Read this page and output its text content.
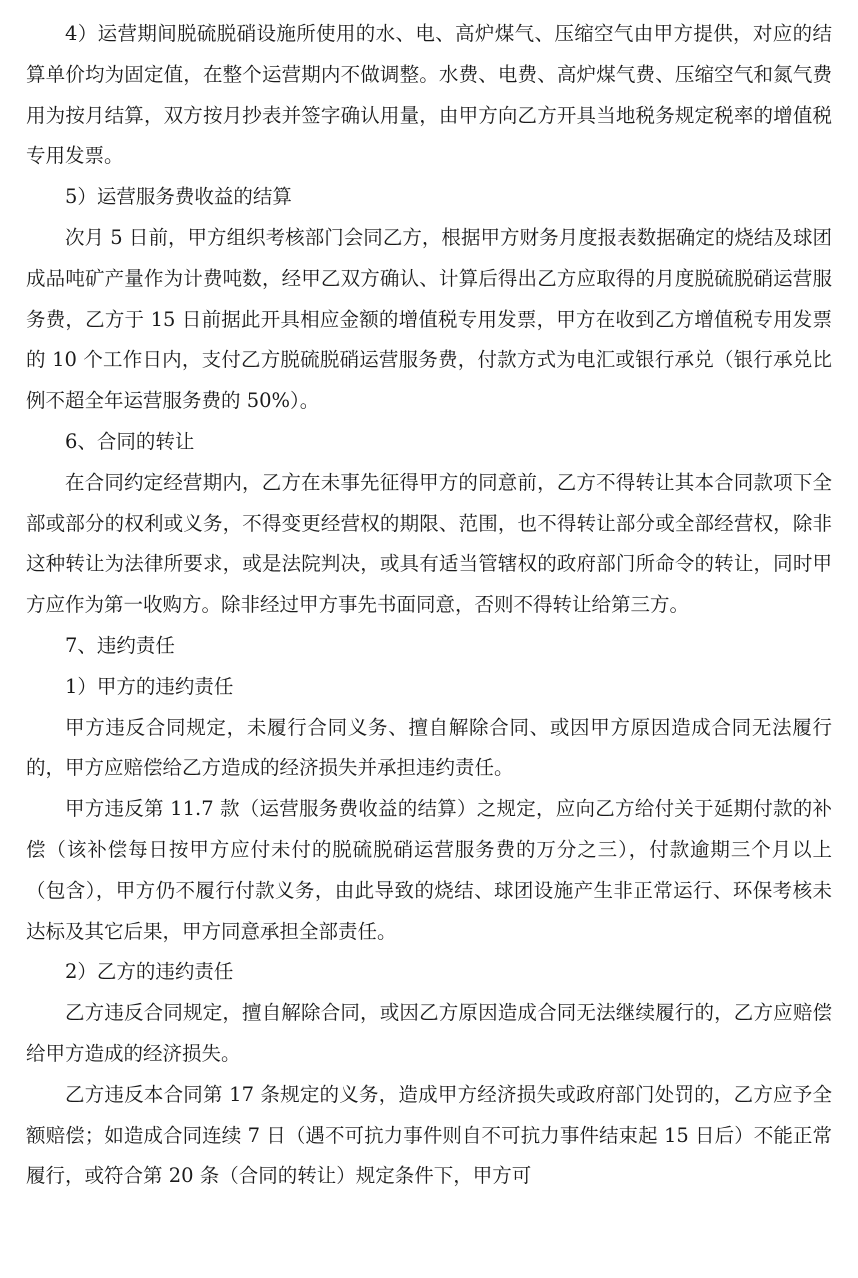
4）运营期间脱硫脱硝设施所使用的水、电、高炉煤气、压缩空气由甲方提供，对应的结算单价均为固定值，在整个运营期内不做调整。水费、电费、高炉煤气费、压缩空气和氮气费用为按月结算，双方按月抄表并签字确认用量，由甲方向乙方开具当地税务规定税率的增值税专用发票。

5）运营服务费收益的结算

次月 5 日前，甲方组织考核部门会同乙方，根据甲方财务月度报表数据确定的烧结及球团成品吨矿产量作为计费吨数，经甲乙双方确认、计算后得出乙方应取得的月度脱硫脱硝运营服务费，乙方于 15 日前据此开具相应金额的增值税专用发票，甲方在收到乙方增值税专用发票的 10 个工作日内，支付乙方脱硫脱硝运营服务费，付款方式为电汇或银行承兑（银行承兑比例不超全年运营服务费的 50%）。

6、合同的转让

在合同约定经营期内，乙方在未事先征得甲方的同意前，乙方不得转让其本合同款项下全部或部分的权利或义务，不得变更经营权的期限、范围，也不得转让部分或全部经营权，除非这种转让为法律所要求，或是法院判决，或具有适当管辖权的政府部门所命令的转让，同时甲方应作为第一收购方。除非经过甲方事先书面同意，否则不得转让给第三方。

7、违约责任

1）甲方的违约责任

甲方违反合同规定，未履行合同义务、擅自解除合同、或因甲方原因造成合同无法履行的，甲方应赔偿给乙方造成的经济损失并承担违约责任。

甲方违反第 11.7 款（运营服务费收益的结算）之规定，应向乙方给付关于延期付款的补偿（该补偿每日按甲方应付未付的脱硫脱硝运营服务费的万分之三），付款逾期三个月以上（包含），甲方仍不履行付款义务，由此导致的烧结、球团设施产生非正常运行、环保考核未达标及其它后果，甲方同意承担全部责任。

2）乙方的违约责任

乙方违反合同规定，擅自解除合同，或因乙方原因造成合同无法继续履行的，乙方应赔偿给甲方造成的经济损失。

乙方违反本合同第 17 条规定的义务，造成甲方经济损失或政府部门处罚的，乙方应予全额赔偿；如造成合同连续 7 日（遇不可抗力事件则自不可抗力事件结束起 15 日后）不能正常履行，或符合第 20 条（合同的转让）规定条件下，甲方可
